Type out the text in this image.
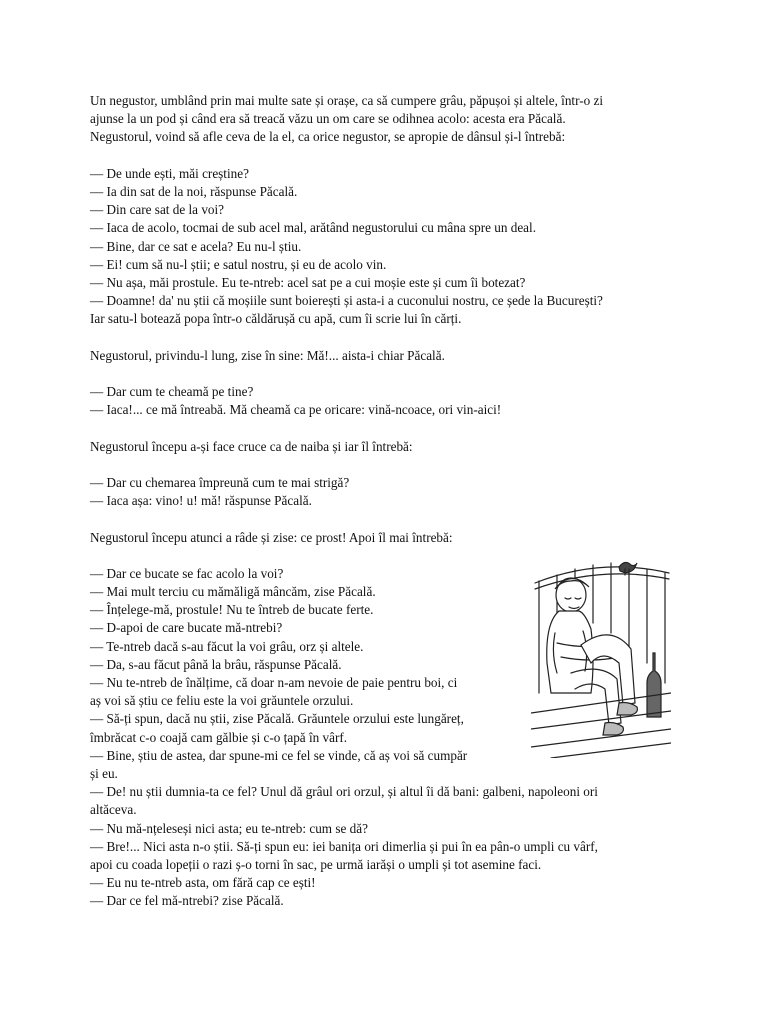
Un negustor, umblând prin mai multe sate și orașe, ca să cumpere grâu, păpușoi și altele, într-o zi
ajunse la un pod și când era să treacă văzu un om care se odihnea acolo: acesta era Păcală.
Negustorul, voind să afle ceva de la el, ca orice negustor, se apropie de dânsul și-l întrebă:
— De unde ești, măi creștine?
— Ia din sat de la noi, răspunse Păcală.
— Din care sat de la voi?
— Iaca de acolo, tocmai de sub acel mal, arătând negustorului cu mâna spre un deal.
— Bine, dar ce sat e acela? Eu nu-l știu.
— Ei! cum să nu-l știi; e satul nostru, și eu de acolo vin.
— Nu așa, măi prostule. Eu te-ntreb: acel sat pe a cui moșie este și cum îi botezat?
— Doamne! da' nu știi că moșiile sunt boierești și asta-i a cuconului nostru, ce șede la București?
Iar satu-l botează popa într-o căldărușă cu apă, cum îi scrie lui în cărți.
Negustorul, privindu-l lung, zise în sine: Mă!... aista-i chiar Păcală.
— Dar cum te cheamă pe tine?
— Iaca!... ce mă întreabă. Mă cheamă ca pe oricare: vină-ncoace, ori vin-aici!
Negustorul începu a-și face cruce ca de naiba și iar îl întrebă:
— Dar cu chemarea împreună cum te mai strigă?
— Iaca așa: vino! u! mă! răspunse Păcală.
Negustorul începu atunci a râde și zise: ce prost! Apoi îl mai întrebă:
— Dar ce bucate se fac acolo la voi?
— Mai mult terciu cu mămăligă mâncăm, zise Păcală.
— Înțelege-mă, prostule! Nu te întreb de bucate ferte.
— D-apoi de care bucate mă-ntrebi?
— Te-ntreb dacă s-au făcut la voi grâu, orz și altele.
— Da, s-au făcut până la brâu, răspunse Păcală.
— Nu te-ntreb de înălțime, că doar n-am nevoie de paie pentru boi, ci
aș voi să știu ce feliu este la voi grăuntele orzului.
— Să-ți spun, dacă nu știi, zise Păcală. Grăuntele orzului este lungăreț,
îmbrăcat c-o coajă cam gălbie și c-o țapă în vârf.
— Bine, știu de astea, dar spune-mi ce fel se vinde, că aș voi să cumpăr
și eu.
— De! nu știi dumnia-ta ce fel? Unul dă grâul ori orzul, și altul îi dă bani: galbeni, napoleoni ori
altăceva.
— Nu mă-nțeleseși nici asta; eu te-ntreb: cum se dă?
— Bre!... Nici asta n-o știi. Să-ți spun eu: iei banița ori dimerlia și pui în ea pân-o umpli cu vârf,
apoi cu coada lopeții o razi ș-o torni în sac, pe urmă iarăși o umpli și tot asemine faci.
— Eu nu te-ntreb asta, om fără cap ce ești!
— Dar ce fel mă-ntrebi? zise Păcală.
